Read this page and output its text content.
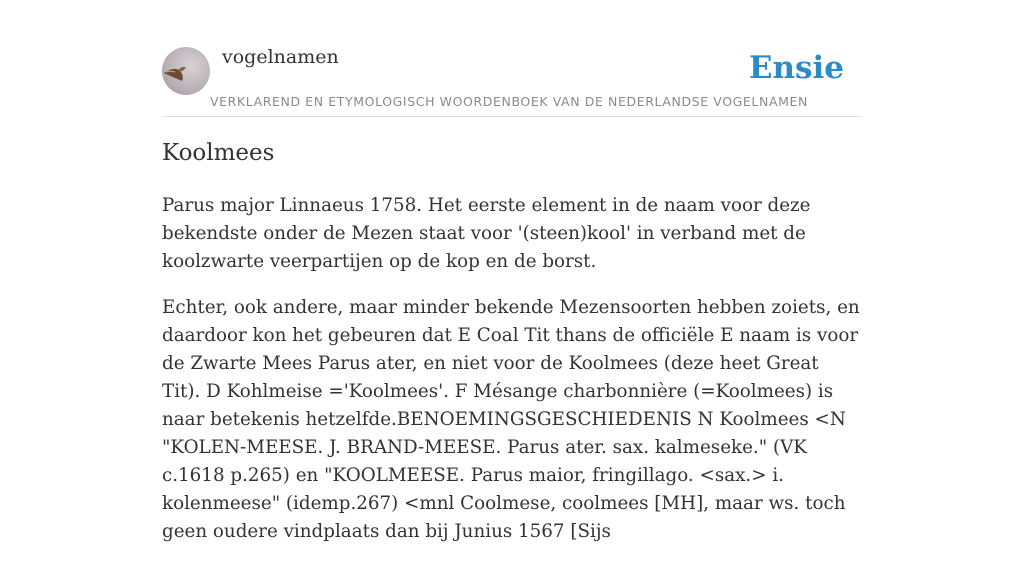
vogelnamen	Ensie
VERKLAREND EN ETYMOLOGISCH WOORDENBOEK VAN DE NEDERLANDSE VOGELNAMEN
Koolmees

Parus major Linnaeus 1758. Het eerste element in de naam voor deze bekendste onder de Mezen staat voor '(steen)kool' in verband met de koolzwarte veerpartijen op de kop en de borst.

Echter, ook andere, maar minder bekende Mezensoorten hebben zoiets, en daardoor kon het gebeuren dat E Coal Tit thans de officiële E naam is voor de Zwarte Mees Parus ater, en niet voor de Koolmees (deze heet Great Tit). D Kohlmeise ='Koolmees'. F Mésange charbonnière (=Koolmees) is naar betekenis hetzelfde.BENOEMINGSGESCHIEDENIS N Koolmees <N "KOLEN-MEESE. J. BRAND-MEESE. Parus ater. sax. kalmeseke." (VK c.1618 p.265) en "KOOLMEESE. Parus maior, fringillago. <sax.> i. kolenmeese" (idemp.267) <mnl Coolmese, coolmees [MH], maar ws. toch geen oudere vindplaats dan bij Junius 1567 [Sijs
